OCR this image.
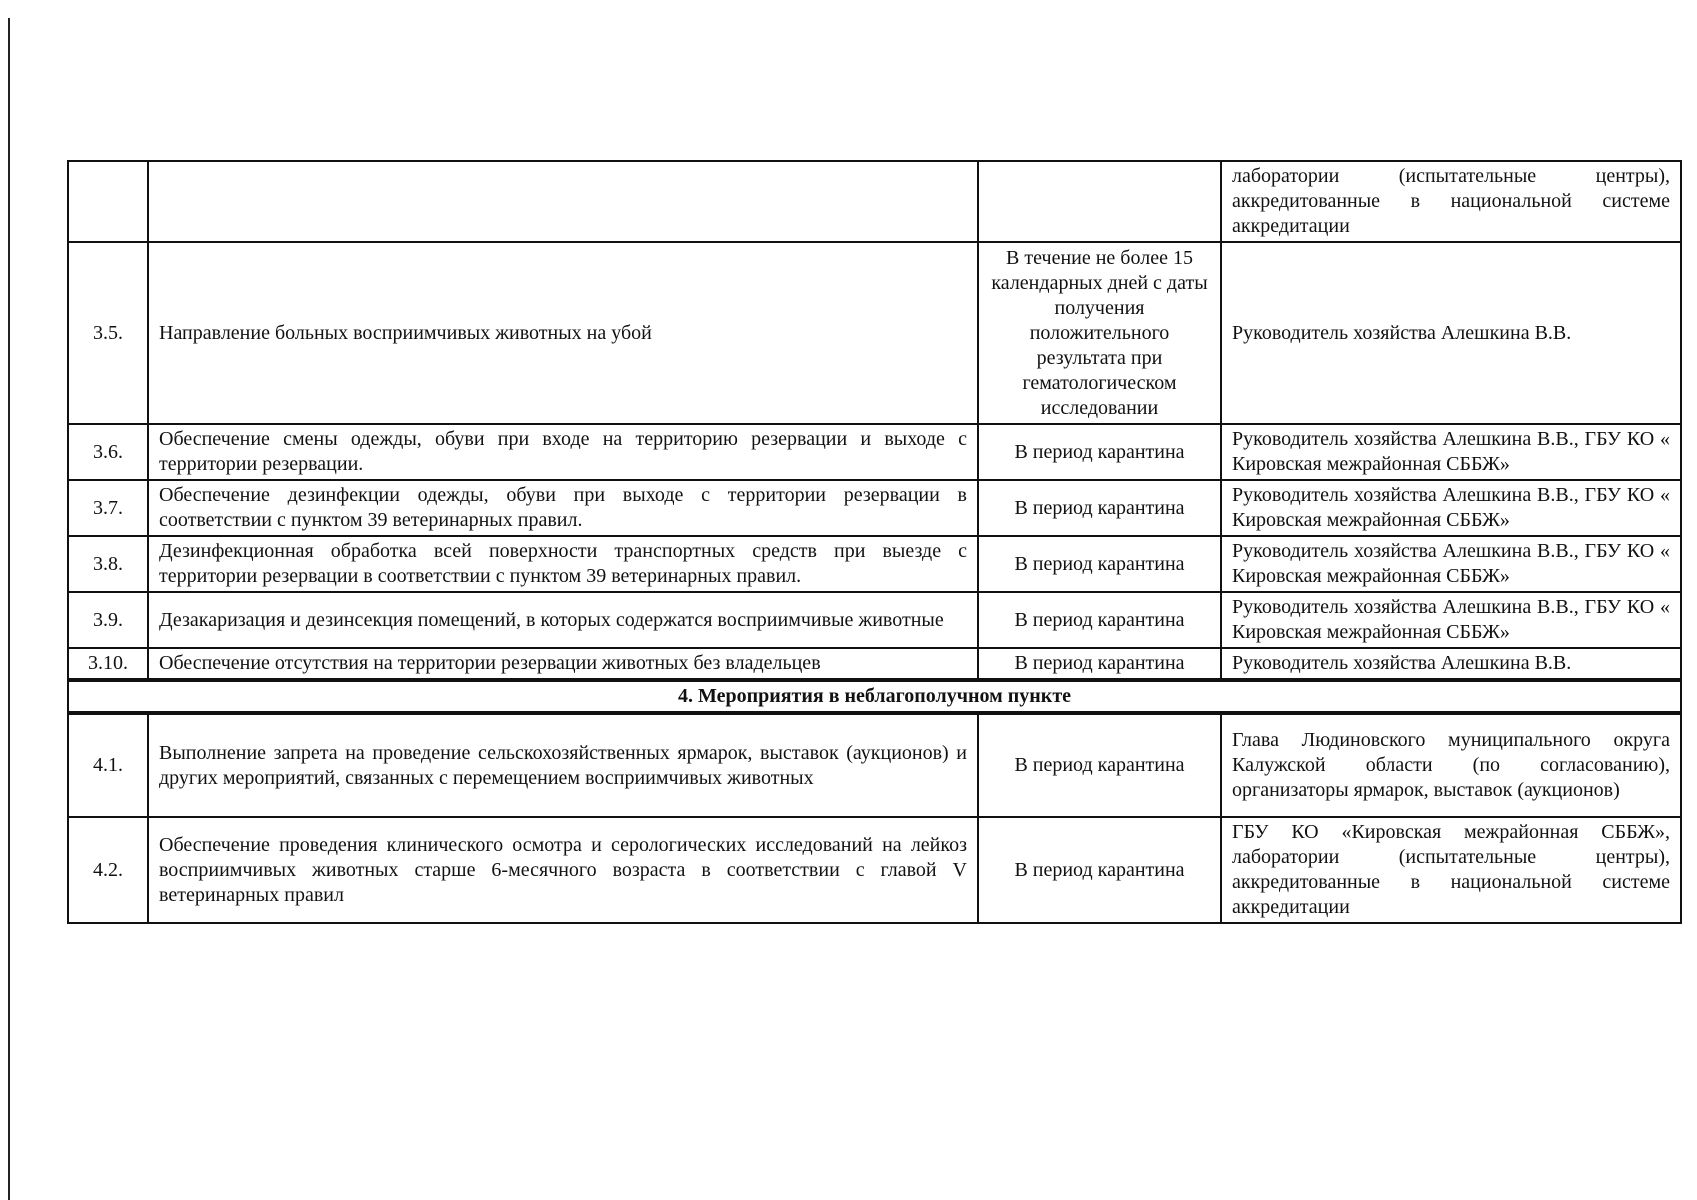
			лаборатории (испытательные центры), аккредитованные в национальной системе аккредитации
3.5.	Направление больных восприимчивых животных на убой	В течение не более 15 календарных дней с даты получения положительного результата при гематологическом исследовании	Руководитель хозяйства Алешкина В.В.
3.6.	Обеспечение смены одежды, обуви при входе на территорию резервации и выходе с территории резервации.	В период карантина	Руководитель хозяйства Алешкина В.В., ГБУ КО « Кировская межрайонная СББЖ»
3.7.	Обеспечение дезинфекции одежды, обуви при выходе с территории резервации в соответствии с пунктом 39 ветеринарных правил.	В период карантина	Руководитель хозяйства Алешкина В.В., ГБУ КО « Кировская межрайонная СББЖ»
3.8.	Дезинфекционная обработка всей поверхности транспортных средств при выезде с территории резервации в соответствии с пунктом 39 ветеринарных правил.	В период карантина	Руководитель хозяйства Алешкина В.В., ГБУ КО « Кировская межрайонная СББЖ»
3.9.	Дезакаризация и дезинсекция помещений, в которых содержатся восприимчивые животные	В период карантина	Руководитель хозяйства Алешкина В.В., ГБУ КО « Кировская межрайонная СББЖ»
3.10.	Обеспечение отсутствия на территории резервации животных без владельцев	В период карантина	Руководитель хозяйства Алешкина В.В.
4. Мероприятия в неблагополучном пункте			
4.1.	Выполнение запрета на проведение сельскохозяйственных ярмарок, выставок (аукционов) и других мероприятий, связанных с перемещением восприимчивых животных	В период карантина	Глава Людиновского муниципального округа Калужской области (по согласованию), организаторы ярмарок, выставок (аукционов)
4.2.	Обеспечение проведения клинического осмотра и серологических исследований на лейкоз восприимчивых животных старше 6-месячного возраста в соответствии с главой V ветеринарных правил	В период карантина	ГБУ КО «Кировская межрайонная СББЖ», лаборатории (испытательные центры), аккредитованные в национальной системе аккредитации
